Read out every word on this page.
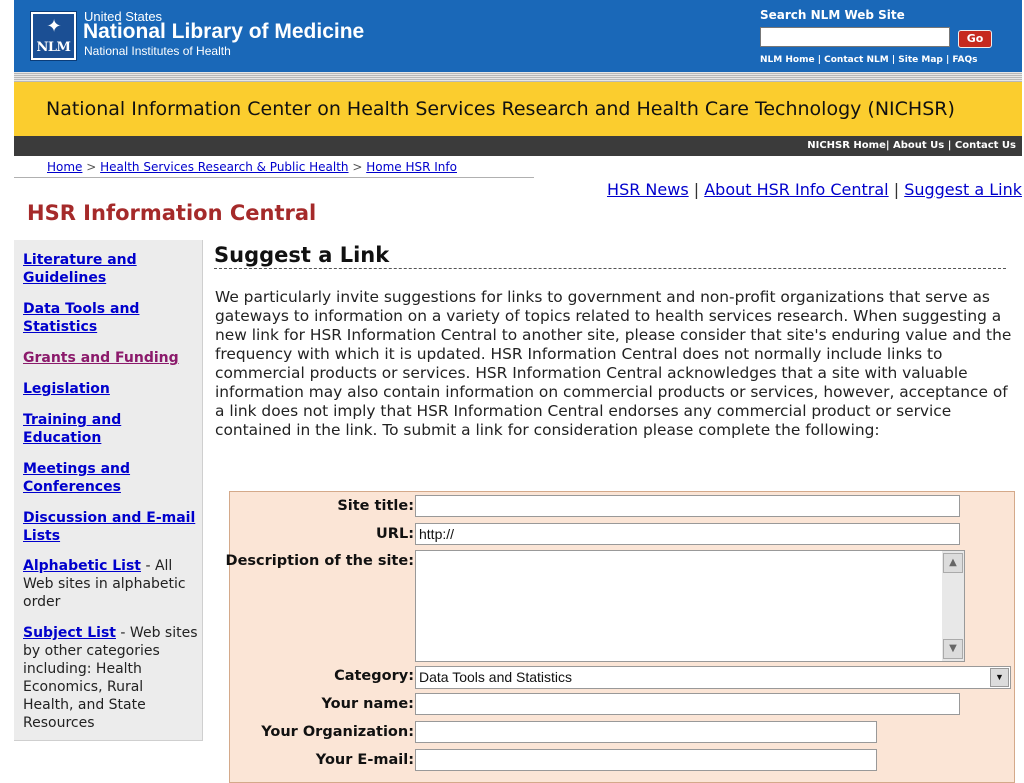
✦
NLM
United States
National Library of Medicine
National Institutes of Health
Search NLM Web Site
Go
NLM Home | Contact NLM | Site Map | FAQs
National Information Center on Health Services Research and Health Care Technology (NICHSR)
NICHSR Home| About Us | Contact Us
Home > Health Services Research & Public Health > Home HSR Info
HSR News | About HSR Info Central | Suggest a Link
HSR Information Central
Literature and Guidelines
Data Tools and Statistics
Grants and Funding
Legislation
Training and Education
Meetings and Conferences
Discussion and E-mail Lists
Alphabetic List - All Web sites in alphabetic order
Subject List - Web sites by other categories including: Health Economics, Rural Health, and State Resources
Suggest a Link
We particularly invite suggestions for links to government and non-profit organizations that serve as gateways to information on a variety of topics related to health services research. When suggesting a new link for HSR Information Central to another site, please consider that site's enduring value and the frequency with which it is updated. HSR Information Central does not normally include links to commercial products or services. HSR Information Central acknowledges that a site with valuable information may also contain information on commercial products or services, however, acceptance of a link does not imply that HSR Information Central endorses any commercial product or service contained in the link. To submit a link for consideration please complete the following:
Site title:
URL:
http://
Description of the site:	▲
▼
Category: Data Tools and Statistics	▼
Your name:
Your Organization:
Your E-mail:
